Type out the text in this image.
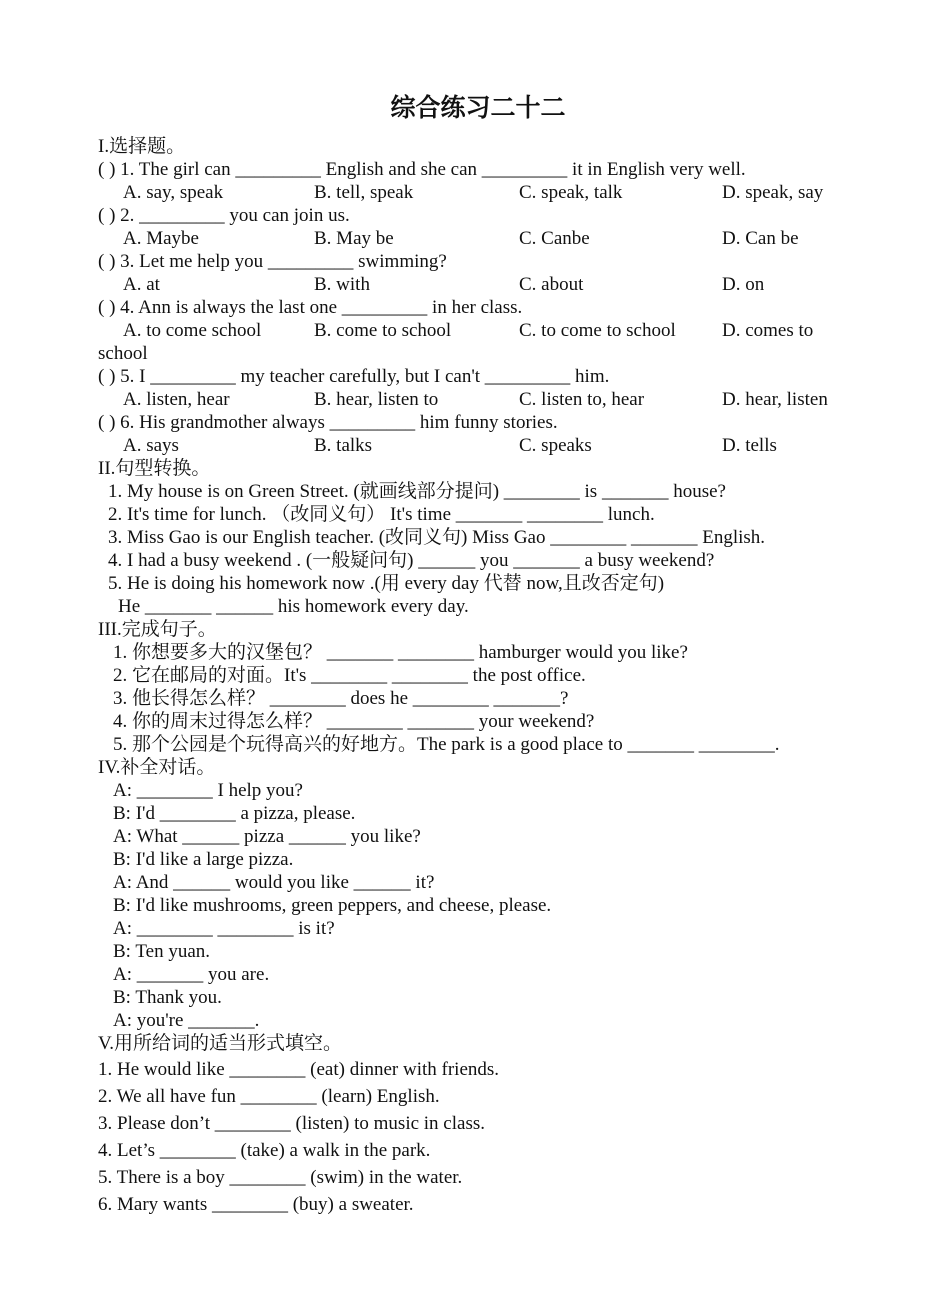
综合练习二十二
I.选择题。
( ) 1. The girl can _________ English and she can _________ it in English very well.
A. say, speak	B. tell, speak	C. speak, talk	D. speak, say
( ) 2. _________ you can join us.
A. Maybe	B. May be	C. Canbe	D. Can be
( ) 3. Let me help you _________ swimming?
A. at	B. with	C. about	D. on
( ) 4. Ann is always the last one _________ in her class.
A. to come school	B. come to school	C. to come to school D. comes to
school
( ) 5. I _________ my teacher carefully, but I can't _________ him.
A. listen, hear	B. hear, listen to	C. listen to, hear	D. hear, listen
( ) 6. His grandmother always _________ him funny stories.
A. says	B. talks	C. speaks	D. tells
II.句型转换。
1. My house is on Green Street. (就画线部分提问) ________ is _______ house?
2. It's time for lunch. （改同义句） It's time _______ ________ lunch.
3. Miss Gao is our English teacher. (改同义句) Miss Gao ________ _______ English.
4. I had a busy weekend . (一般疑问句) ______ you _______ a busy weekend?
5. He is doing his homework now .(用 every day 代替 now,且改否定句)
He _______ ______ his homework every day.
III.完成句子。
1. 你想要多大的汉堡包？ _______ ________ hamburger would you like?
2. 它在邮局的对面。It's ________ ________ the post office.
3. 他长得怎么样？ ________ does he ________ _______?
4. 你的周末过得怎么样？ ________ _______ your weekend?
5. 那个公园是个玩得高兴的好地方。The park is a good place to _______ ________.
IV.补全对话。
A: ________ I help you?
B: I'd ________ a pizza, please.
A: What ______ pizza ______ you like?
B: I'd like a large pizza.
A: And ______ would you like ______ it?
B: I'd like mushrooms, green peppers, and cheese, please.
A: ________ ________ is it?
B: Ten yuan.
A: _______ you are.
B: Thank you.
A: you're _______.
V.用所给词的适当形式填空。
1. He would like ________ (eat) dinner with friends.
2. We all have fun ________ (learn) English.
3. Please don’t ________ (listen) to music in class.
4. Let’s ________ (take) a walk in the park.
5. There is a boy ________ (swim) in the water.
6. Mary wants ________ (buy) a sweater.
